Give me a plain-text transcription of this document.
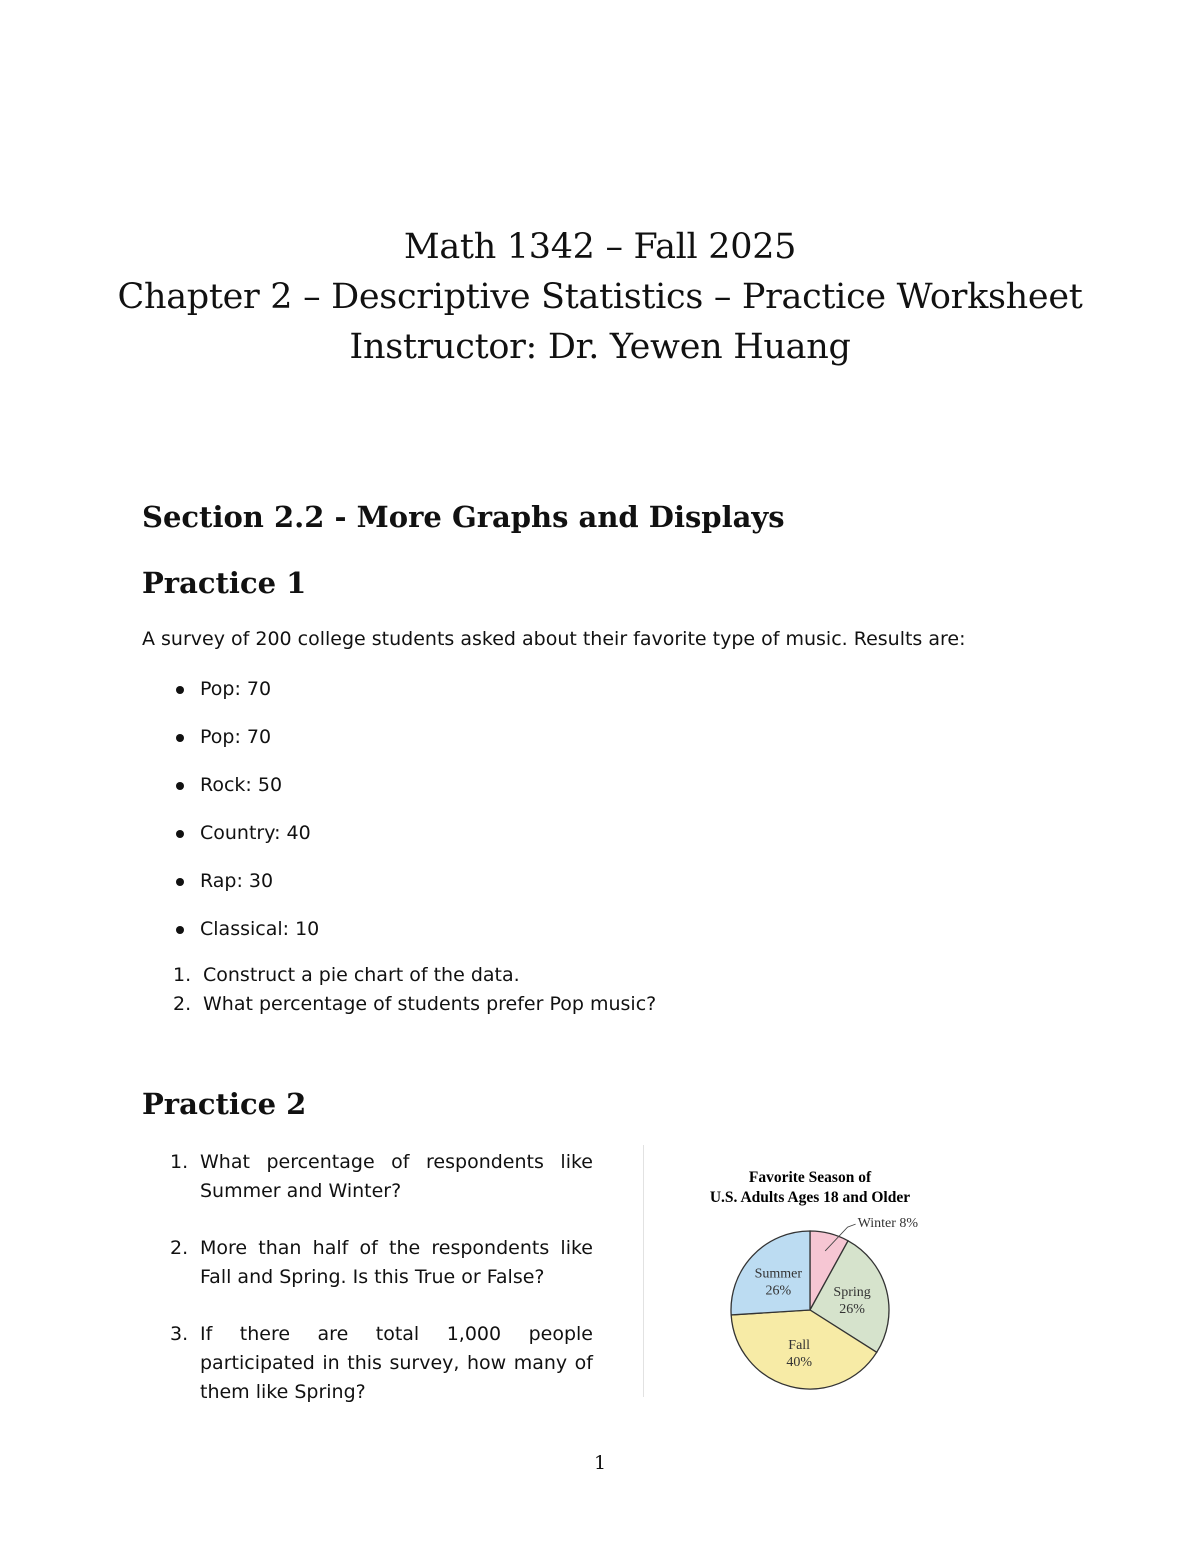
Math 1342 – Fall 2025
Chapter 2 – Descriptive Statistics – Practice Worksheet
Instructor: Dr. Yewen Huang
Section 2.2 - More Graphs and Displays
Practice 1
A survey of 200 college students asked about their favorite type of music. Results are:
Pop: 70
Pop: 70
Rock: 50
Country: 40
Rap: 30
Classical: 10
1. Construct a pie chart of the data.
2. What percentage of students prefer Pop music?
Practice 2
1. What percentage of respondents like Summer and Winter?
2. More than half of the respondents like Fall and Spring. Is this True or False?
3. If there are total 1,000 people participated in this survey, how many of them like Spring?
Favorite Season of
U.S. Adults Ages 18 and Older
Winter 8%
Spring
26%
Fall
40%
Summer
26%
1
